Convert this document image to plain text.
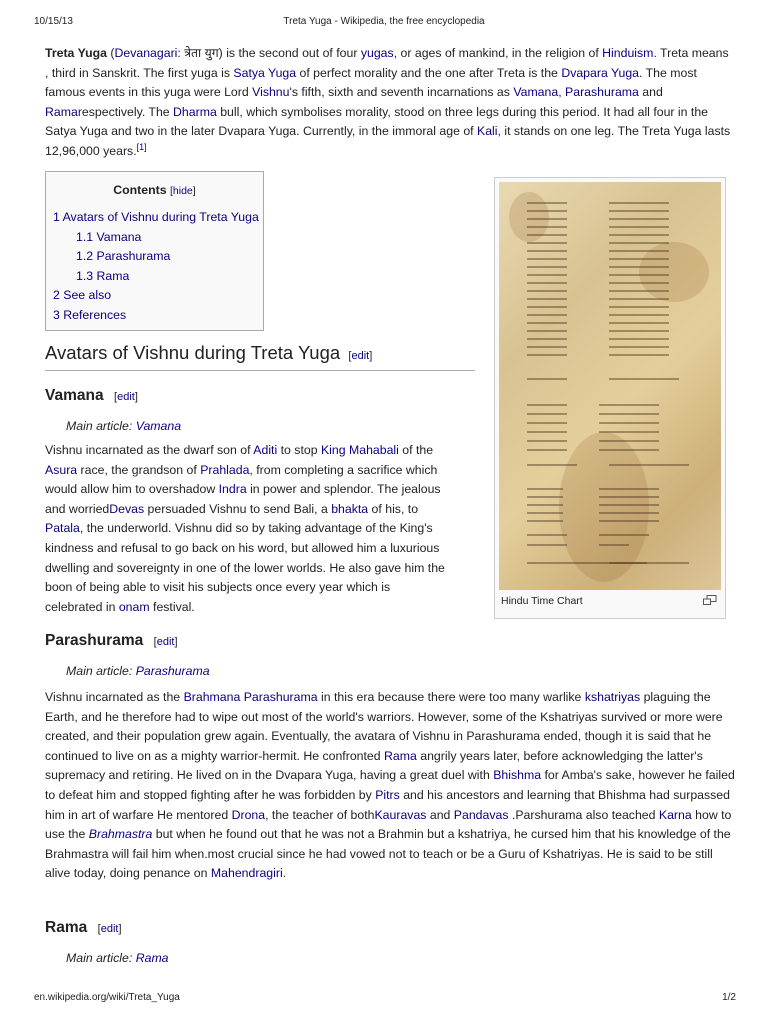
10/15/13	Treta Yuga - Wikipedia, the free encyclopedia

Treta Yuga (Devanagari: त्रेता युग) is the second out of four yugas, or ages of mankind, in the religion of Hinduism. Treta means , third in Sanskrit. The first yuga is Satya Yuga of perfect morality and the one after Treta is the Dvapara Yuga. The most famous events in this yuga were Lord Vishnu's fifth, sixth and seventh incarnations as Vamana, Parashurama and Ramarespectively. The Dharma bull, which symbolises morality, stood on three legs during this period. It had all four in the Satya Yuga and two in the later Dvapara Yuga. Currently, in the immoral age of Kali, it stands on one leg. The Treta Yuga lasts 12,96,000 years.[1]

Contents [hide]
1 Avatars of Vishnu during Treta Yuga
1.1 Vamana
1.2 Parashurama
1.3 Rama
2 See also
3 References
Hindu Time Chart
Avatars of Vishnu during Treta Yuga  [edit]
Vamana   [edit]
Main article: Vamana

Vishnu incarnated as the dwarf son of Aditi to stop King Mahabali of the Asura race, the grandson of Prahlada, from completing a sacrifice which would allow him to overshadow Indra in power and splendor. The jealous and worriedDevas persuaded Vishnu to send Bali, a bhakta of his, to Patala, the underworld. Vishnu did so by taking advantage of the King's kindness and refusal to go back on his word, but allowed him a luxurious dwelling and sovereignty in one of the lower worlds. He also gave him the boon of being able to visit his subjects once every year which is celebrated in onam festival.

Parashurama   [edit]
Main article: Parashurama

Vishnu incarnated as the Brahmana Parashurama in this era because there were too many warlike kshatriyas plaguing the Earth, and he therefore had to wipe out most of the world's warriors. However, some of the Kshatriyas survived or more were created, and their population grew again. Eventually, the avatara of Vishnu in Parashurama ended, though it is said that he continued to live on as a mighty warrior-hermit. He confronted Rama angrily years later, before acknowledging the latter's supremacy and retiring. He lived on in the Dvapara Yuga, having a great duel with Bhishma for Amba's sake, however he failed to defeat him and stopped fighting after he was forbidden by Pitrs and his ancestors and learning that Bhishma had surpassed him in art of warfare He mentored Drona, the teacher of bothKauravas and Pandavas .Parshurama also teached Karna how to use the Brahmastra but when he found out that he was not a Brahmin but a kshatriya, he cursed him that his knowledge of the Brahmastra will fail him when.most crucial since he had vowed not to teach or be a Guru of Kshatriyas. He is said to be still alive today, doing penance on Mahendragiri.

Rama   [edit]
Main article: Rama
en.wikipedia.org/wiki/Treta_Yuga	1/2
